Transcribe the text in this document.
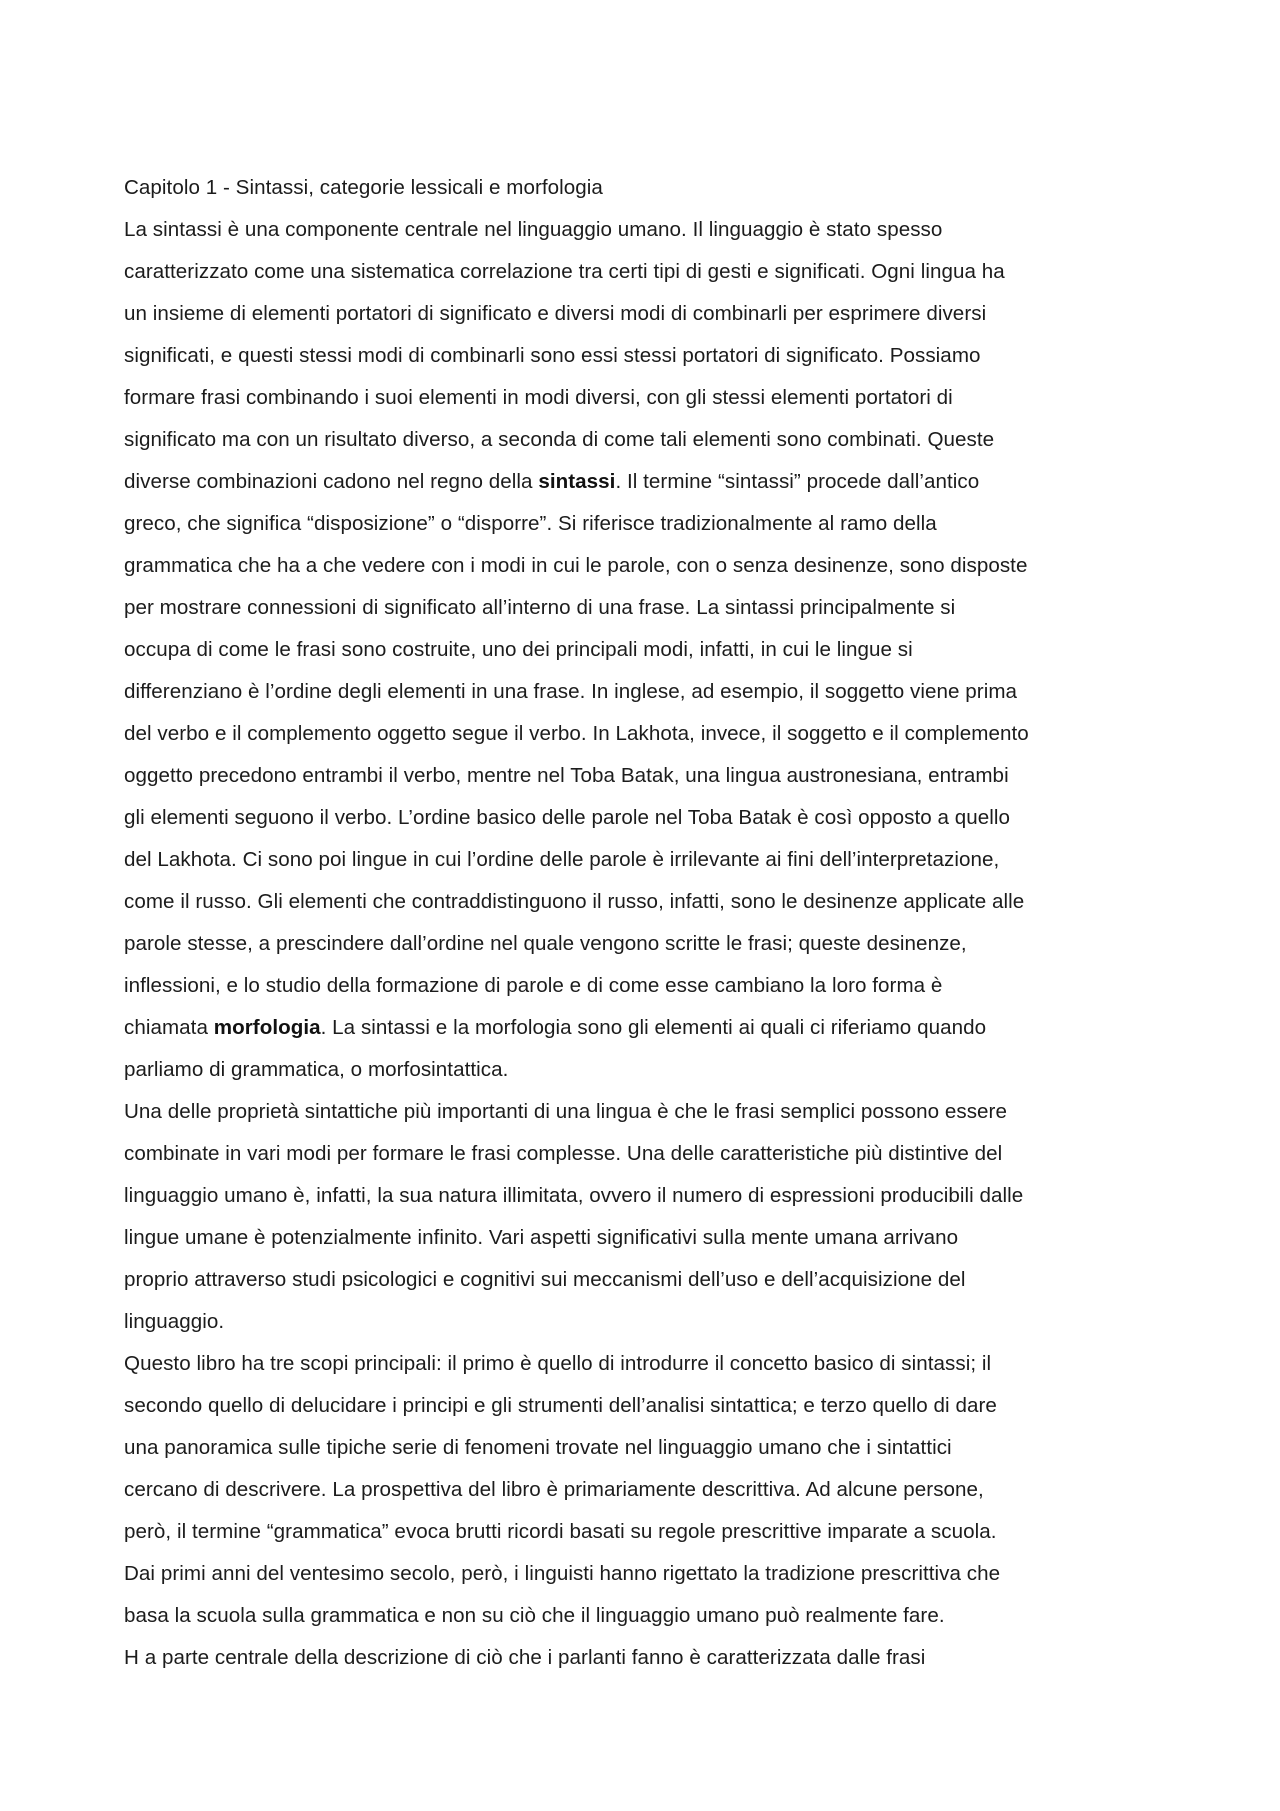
Capitolo 1 - Sintassi, categorie lessicali e morfologia
La sintassi è una componente centrale nel linguaggio umano. Il linguaggio è stato spesso
caratterizzato come una sistematica correlazione tra certi tipi di gesti e significati. Ogni lingua ha
un insieme di elementi portatori di significato e diversi modi di combinarli per esprimere diversi
significati, e questi stessi modi di combinarli sono essi stessi portatori di significato. Possiamo
formare frasi combinando i suoi elementi in modi diversi, con gli stessi elementi portatori di
significato ma con un risultato diverso, a seconda di come tali elementi sono combinati. Queste
diverse combinazioni cadono nel regno della sintassi. Il termine “sintassi” procede dall’antico
greco, che significa “disposizione” o “disporre”. Si riferisce tradizionalmente al ramo della
grammatica che ha a che vedere con i modi in cui le parole, con o senza desinenze, sono disposte
per mostrare connessioni di significato all’interno di una frase. La sintassi principalmente si
occupa di come le frasi sono costruite, uno dei principali modi, infatti, in cui le lingue si
differenziano è l’ordine degli elementi in una frase. In inglese, ad esempio, il soggetto viene prima
del verbo e il complemento oggetto segue il verbo. In Lakhota, invece, il soggetto e il complemento
oggetto precedono entrambi il verbo, mentre nel Toba Batak, una lingua austronesiana, entrambi
gli elementi seguono il verbo. L’ordine basico delle parole nel Toba Batak è così opposto a quello
del Lakhota. Ci sono poi lingue in cui l’ordine delle parole è irrilevante ai fini dell’interpretazione,
come il russo. Gli elementi che contraddistinguono il russo, infatti, sono le desinenze applicate alle
parole stesse, a prescindere dall’ordine nel quale vengono scritte le frasi; queste desinenze,
inflessioni, e lo studio della formazione di parole e di come esse cambiano la loro forma è
chiamata morfologia. La sintassi e la morfologia sono gli elementi ai quali ci riferiamo quando
parliamo di grammatica, o morfosintattica.
Una delle proprietà sintattiche più importanti di una lingua è che le frasi semplici possono essere
combinate in vari modi per formare le frasi complesse. Una delle caratteristiche più distintive del
linguaggio umano è, infatti, la sua natura illimitata, ovvero il numero di espressioni producibili dalle
lingue umane è potenzialmente infinito. Vari aspetti significativi sulla mente umana arrivano
proprio attraverso studi psicologici e cognitivi sui meccanismi dell’uso e dell’acquisizione del
linguaggio.
Questo libro ha tre scopi principali: il primo è quello di introdurre il concetto basico di sintassi; il
secondo quello di delucidare i principi e gli strumenti dell’analisi sintattica; e terzo quello di dare
una panoramica sulle tipiche serie di fenomeni trovate nel linguaggio umano che i sintattici
cercano di descrivere. La prospettiva del libro è primariamente descrittiva. Ad alcune persone,
però, il termine “grammatica” evoca brutti ricordi basati su regole prescrittive imparate a scuola.
Dai primi anni del ventesimo secolo, però, i linguisti hanno rigettato la tradizione prescrittiva che
basa la scuola sulla grammatica e non su ciò che il linguaggio umano può realmente fare.
H a parte centrale della descrizione di ciò che i parlanti fanno è caratterizzata dalle frasi
